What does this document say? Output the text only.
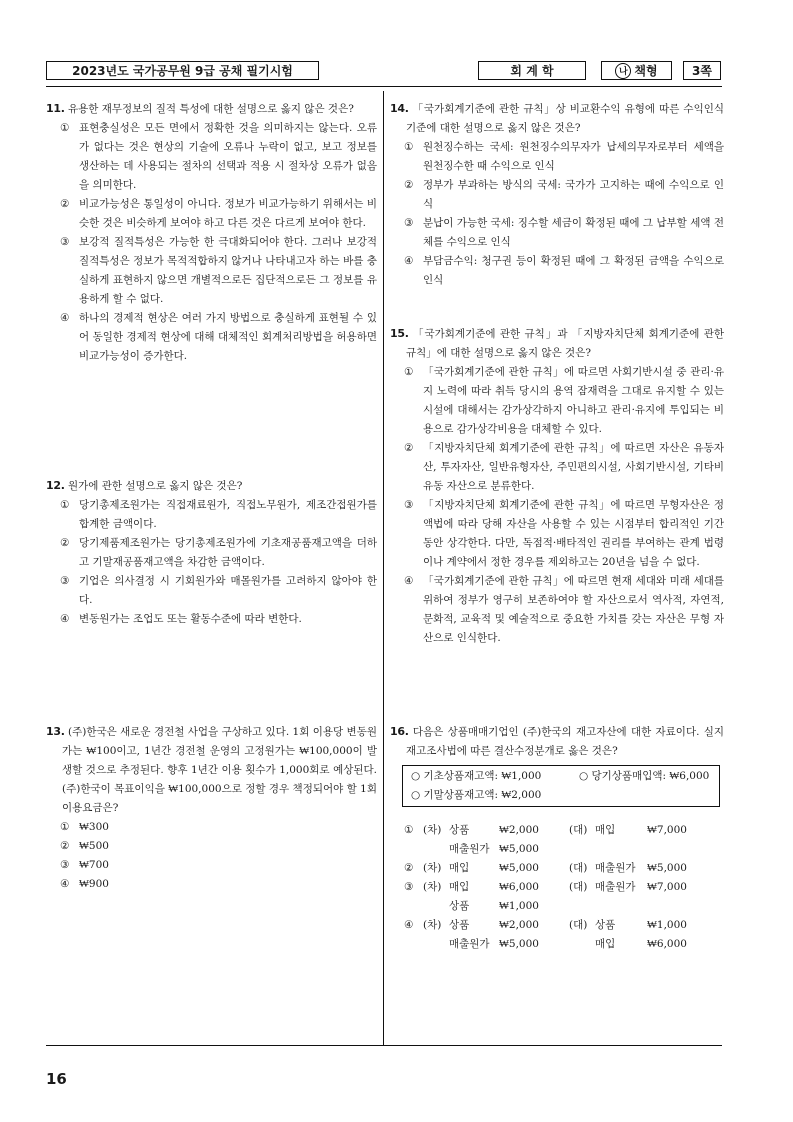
2023년도 국가공무원 9급 공채 필기시험	회 계 학	나 책형	3쪽
16
11. 유용한 재무정보의 질적 특성에 대한 설명으로 옳지 않은 것은?
① 표현충실성은 모든 면에서 정확한 것을 의미하지는 않는다. 오류가 없다는 것은 현상의 기술에 오류나 누락이 없고, 보고 정보를 생산하는 데 사용되는 절차의 선택과 적용 시 절차상 오류가 없음을 의미한다.
② 비교가능성은 통일성이 아니다. 정보가 비교가능하기 위해서는 비슷한 것은 비슷하게 보여야 하고 다른 것은 다르게 보여야 한다.
③ 보강적 질적특성은 가능한 한 극대화되어야 한다. 그러나 보강적 질적특성은 정보가 목적적합하지 않거나 나타내고자 하는 바를 충실하게 표현하지 않으면 개별적으로든 집단적으로든 그 정보를 유용하게 할 수 없다.
④ 하나의 경제적 현상은 여러 가지 방법으로 충실하게 표현될 수 있어 동일한 경제적 현상에 대해 대체적인 회계처리방법을 허용하면 비교가능성이 증가한다.
12. 원가에 관한 설명으로 옳지 않은 것은?
① 당기총제조원가는 직접재료원가, 직접노무원가, 제조간접원가를 합계한 금액이다.
② 당기제품제조원가는 당기총제조원가에 기초재공품재고액을 더하고 기말재공품재고액을 차감한 금액이다.
③ 기업은 의사결정 시 기회원가와 매몰원가를 고려하지 않아야 한다.
④ 변동원가는 조업도 또는 활동수준에 따라 변한다.
13. (주)한국은 새로운 경전철 사업을 구상하고 있다. 1회 이용당 변동원가는 ₩100이고, 1년간 경전철 운영의 고정원가는 ₩100,000이 발생할 것으로 추정된다. 향후 1년간 이용 횟수가 1,000회로 예상된다. (주)한국이 목표이익을 ₩100,000으로 정할 경우 책정되어야 할 1회 이용요금은?
① ₩300
② ₩500
③ ₩700
④ ₩900
14. 「국가회계기준에 관한 규칙」상 비교환수익 유형에 따른 수익인식 기준에 대한 설명으로 옳지 않은 것은?
① 원천징수하는 국세: 원천징수의무자가 납세의무자로부터 세액을 원천징수한 때 수익으로 인식
② 정부가 부과하는 방식의 국세: 국가가 고지하는 때에 수익으로 인식
③ 분납이 가능한 국세: 징수할 세금이 확정된 때에 그 납부할 세액 전체를 수익으로 인식
④ 부담금수익: 청구권 등이 확정된 때에 그 확정된 금액을 수익으로 인식
15. 「국가회계기준에 관한 규칙」과 「지방자치단체 회계기준에 관한 규칙」에 대한 설명으로 옳지 않은 것은?
① 「국가회계기준에 관한 규칙」에 따르면 사회기반시설 중 관리·유지 노력에 따라 취득 당시의 용역 잠재력을 그대로 유지할 수 있는 시설에 대해서는 감가상각하지 아니하고 관리·유지에 투입되는 비용으로 감가상각비용을 대체할 수 있다.
② 「지방자치단체 회계기준에 관한 규칙」에 따르면 자산은 유동자산, 투자자산, 일반유형자산, 주민편의시설, 사회기반시설, 기타비유동 자산으로 분류한다.
③ 「지방자치단체 회계기준에 관한 규칙」에 따르면 무형자산은 정액법에 따라 당해 자산을 사용할 수 있는 시점부터 합리적인 기간 동안 상각한다. 다만, 독점적·배타적인 권리를 부여하는 관계 법령이나 계약에서 정한 경우를 제외하고는 20년을 넘을 수 없다.
④ 「국가회계기준에 관한 규칙」에 따르면 현재 세대와 미래 세대를 위하여 정부가 영구히 보존하여야 할 자산으로서 역사적, 자연적, 문화적, 교육적 및 예술적으로 중요한 가치를 갖는 자산은 무형 자산으로 인식한다.
16. 다음은 상품매매기업인 (주)한국의 재고자산에 대한 자료이다. 실지 재고조사법에 따른 결산수정분개로 옳은 것은?
○ 기초상품재고액: ₩1,000	○ 당기상품매입액: ₩6,000
○ 기말상품재고액: ₩2,000
① (차)	상품	₩2,000	(대)	매입	₩7,000
	매출원가	₩5,000			
② (차)	매입	₩5,000	(대)	매출원가	₩5,000
③ (차)	매입	₩6,000	(대)	매출원가	₩7,000
	상품	₩1,000			
④ (차)	상품	₩2,000	(대)	상품	₩1,000
	매출원가	₩5,000		매입	₩6,000
